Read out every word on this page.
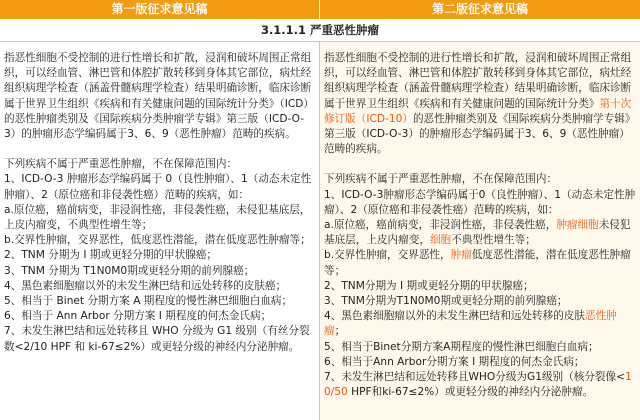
第一版征求意见稿	第二版征求意见稿
3.1.1.1 严重恶性肿瘤

指恶性细胞不受控制的进行性增长和扩散，浸润和破坏周围正常组织，可以经血管、淋巴管和体腔扩散转移到身体其它部位，病灶经组织病理学检查（涵盖骨髓病理学检查）结果明确诊断，临床诊断属于世界卫生组织《疾病和有关健康问题的国际统计分类》（ICD）的恶性肿瘤类别及《国际疾病分类肿瘤学专辑》第三版（ICD-O-3）的肿瘤形态学编码属于3、6、9（恶性肿瘤）范畴的疾病。

下列疾病不属于严重恶性肿瘤，不在保障范围内：

1、ICD-O-3 肿瘤形态学编码属于 0（良性肿瘤）、1（动态未定性肿瘤）、2（原位癌和非侵袭性癌）范畴的疾病，如：

a.原位癌，癌前病变，非浸润性癌，非侵袭性癌，未侵犯基底层，上皮内瘤变，不典型性增生等；

b.交界性肿瘤，交界恶性，低度恶性潜能，潜在低度恶性肿瘤等；

2、TNM 分期为 I 期或更轻分期的甲状腺癌；

3、TNM 分期为 T1N0M0期或更轻分期的前列腺癌；

4、黑色素细胞瘤以外的未发生淋巴结和远处转移的皮肤癌；

5、相当于 Binet 分期方案 A 期程度的慢性淋巴细胞白血病；

6、相当于 Ann Arbor 分期方案 I 期程度的何杰金氏病；

7、未发生淋巴结和远处转移且 WHO 分级为 G1 级别（有丝分裂数<2/10 HPF 和 ki-67≤2%）或更轻分级的神经内分泌肿瘤。

指恶性细胞不受控制的进行性增长和扩散，浸润和破坏周围正常组织，可以经血管、淋巴管和体腔扩散转移到身体其它部位，病灶经组织病理学检查（涵盖骨髓病理学检查）结果明确诊断，临床诊断属于世界卫生组织《疾病和有关健康问题的国际统计分类》第十次修订版（ICD-10）的恶性肿瘤类别及《国际疾病分类肿瘤学专辑》第三版（ICD-O-3）的肿瘤形态学编码属于3、6、9（恶性肿瘤）范畴的疾病。

下列疾病不属于严重恶性肿瘤，不在保障范围内：

1、ICD-O-3肿瘤形态学编码属于0（良性肿瘤）、1（动态未定性肿瘤）、2（原位癌和非侵袭性癌）范畴的疾病，如：

a.原位癌，癌前病变，非浸润性癌，非侵袭性癌，肿瘤细胞未侵犯基底层，上皮内瘤变，细胞不典型性增生等；

b.交界性肿瘤，交界恶性，肿瘤低度恶性潜能，潜在低度恶性肿瘤等；

2、TNM分期为 I 期或更轻分期的甲状腺癌；

3、TNM分期为T1N0M0期或更轻分期的前列腺癌；

4、黑色素细胞瘤以外的未发生淋巴结和远处转移的皮肤恶性肿瘤；

5、相当于Binet分期方案A期程度的慢性淋巴细胞白血病；

6、相当于Ann Arbor分期方案 I 期程度的何杰金氏病；

7、未发生淋巴结和远处转移且WHO分级为G1级别（核分裂像<10/50 HPF和ki-67≤2%）或更轻分级的神经内分泌肿瘤。
